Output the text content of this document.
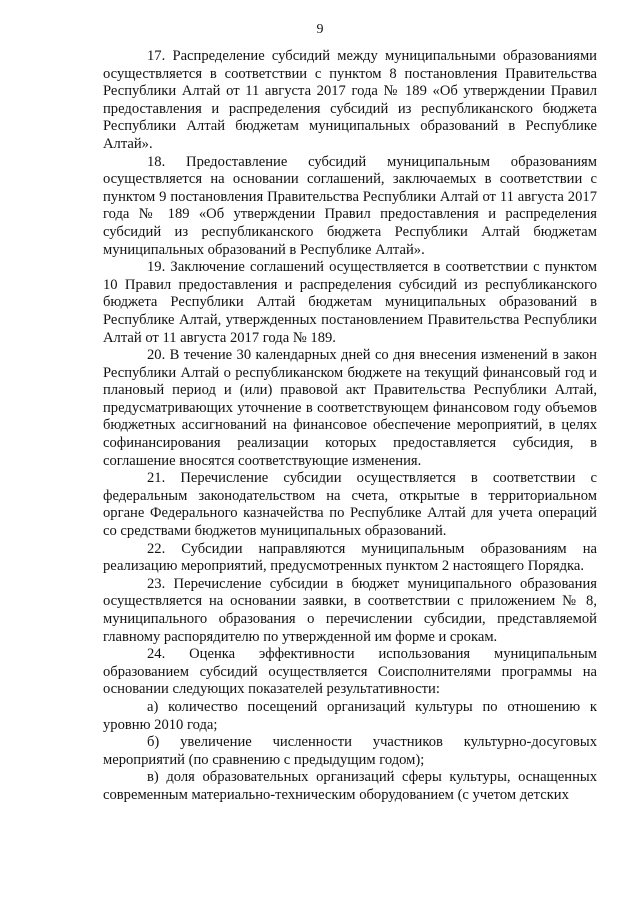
9

17. Распределение субсидий между муниципальными образованиями осуществляется в соответствии с пунктом 8 постановления Правительства Республики Алтай от 11 августа 2017 года № 189 «Об утверждении Правил предоставления и распределения субсидий из республиканского бюджета Республики Алтай бюджетам муниципальных образований в Республике Алтай».

18. Предоставление субсидий муниципальным образованиям осуществляется на основании соглашений, заключаемых в соответствии с пунктом 9 постановления Правительства Республики Алтай от 11 августа 2017 года № 189 «Об утверждении Правил предоставления и распределения субсидий из республиканского бюджета Республики Алтай бюджетам муниципальных образований в Республике Алтай».

19. Заключение соглашений осуществляется в соответствии с пунктом 10 Правил предоставления и распределения субсидий из республиканского бюджета Республики Алтай бюджетам муниципальных образований в Республике Алтай, утвержденных постановлением Правительства Республики Алтай от 11 августа 2017 года № 189.

20. В течение 30 календарных дней со дня внесения изменений в закон Республики Алтай о республиканском бюджете на текущий финансовый год и плановый период и (или) правовой акт Правительства Республики Алтай, предусматривающих уточнение в соответствующем финансовом году объемов бюджетных ассигнований на финансовое обеспечение мероприятий, в целях софинансирования реализации которых предоставляется субсидия, в соглашение вносятся соответствующие изменения.

21. Перечисление субсидии осуществляется в соответствии с федеральным законодательством на счета, открытые в территориальном органе Федерального казначейства по Республике Алтай для учета операций со средствами бюджетов муниципальных образований.

22. Субсидии направляются муниципальным образованиям на реализацию мероприятий, предусмотренных пунктом 2 настоящего Порядка.

23. Перечисление субсидии в бюджет муниципального образования осуществляется на основании заявки, в соответствии с приложением № 8, муниципального образования о перечислении субсидии, представляемой главному распорядителю по утвержденной им форме и срокам.

24. Оценка эффективности использования муниципальным образованием субсидий осуществляется Соисполнителями программы на основании следующих показателей результативности:

а) количество посещений организаций культуры по отношению к уровню 2010 года;

б) увеличение численности участников культурно-досуговых мероприятий (по сравнению с предыдущим годом);

в) доля образовательных организаций сферы культуры, оснащенных современным материально-техническим оборудованием (с учетом детских
